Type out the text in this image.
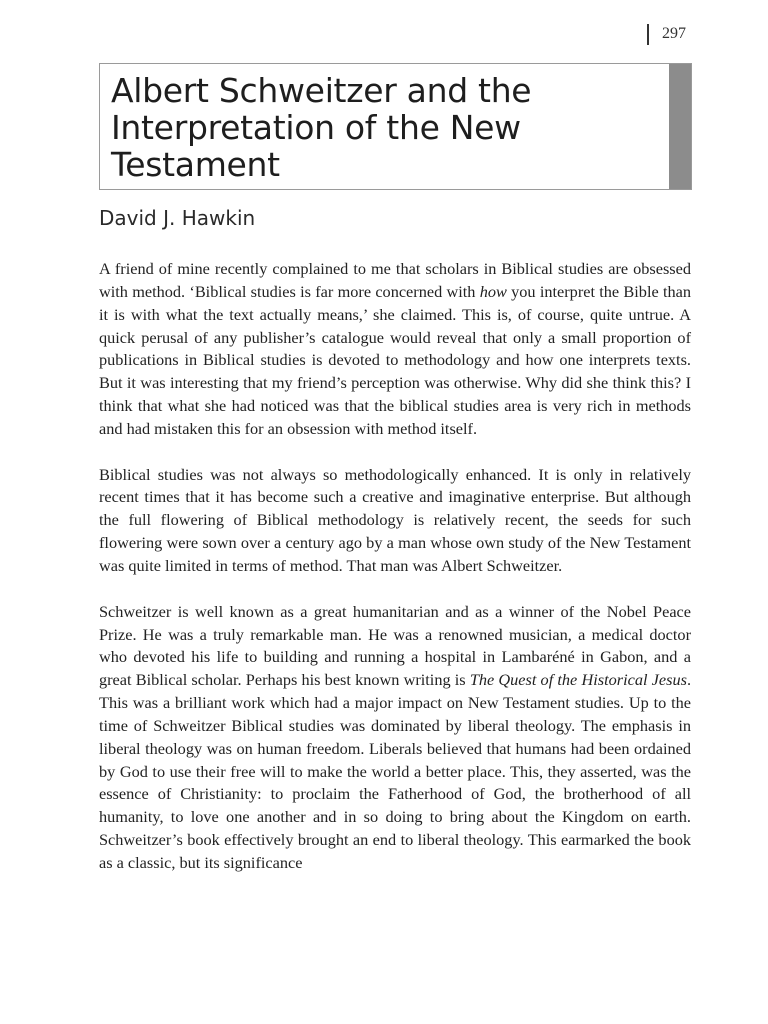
297
Albert Schweitzer and the Interpretation of the New Testament
David J. Hawkin

A friend of mine recently complained to me that scholars in Biblical studies are obsessed with method. ‘Biblical studies is far more concerned with how you interpret the Bible than it is with what the text actually means,’ she claimed. This is, of course, quite untrue. A quick perusal of any publisher’s catalogue would reveal that only a small proportion of publications in Biblical studies is devoted to methodology and how one interprets texts. But it was interesting that my friend’s perception was otherwise. Why did she think this? I think that what she had noticed was that the biblical studies area is very rich in methods and had mistaken this for an obsession with method itself.

Biblical studies was not always so methodologically enhanced. It is only in relatively recent times that it has become such a creative and imaginative enterprise. But although the full flowering of Biblical methodology is relatively recent, the seeds for such flowering were sown over a century ago by a man whose own study of the New Testament was quite limited in terms of method. That man was Albert Schweitzer.

Schweitzer is well known as a great humanitarian and as a winner of the Nobel Peace Prize. He was a truly remarkable man. He was a renowned musician, a medical doctor who devoted his life to building and running a hospital in Lambaréné in Gabon, and a great Biblical scholar. Perhaps his best known writing is The Quest of the Historical Jesus. This was a brilliant work which had a major impact on New Testament studies. Up to the time of Schweitzer Biblical studies was dominated by liberal theology. The emphasis in liberal theology was on human freedom. Liberals believed that humans had been ordained by God to use their free will to make the world a better place. This, they asserted, was the essence of Christianity: to proclaim the Fatherhood of God, the brotherhood of all humanity, to love one another and in so doing to bring about the Kingdom on earth. Schweitzer’s book effectively brought an end to liberal theology. This earmarked the book as a classic, but its significance
